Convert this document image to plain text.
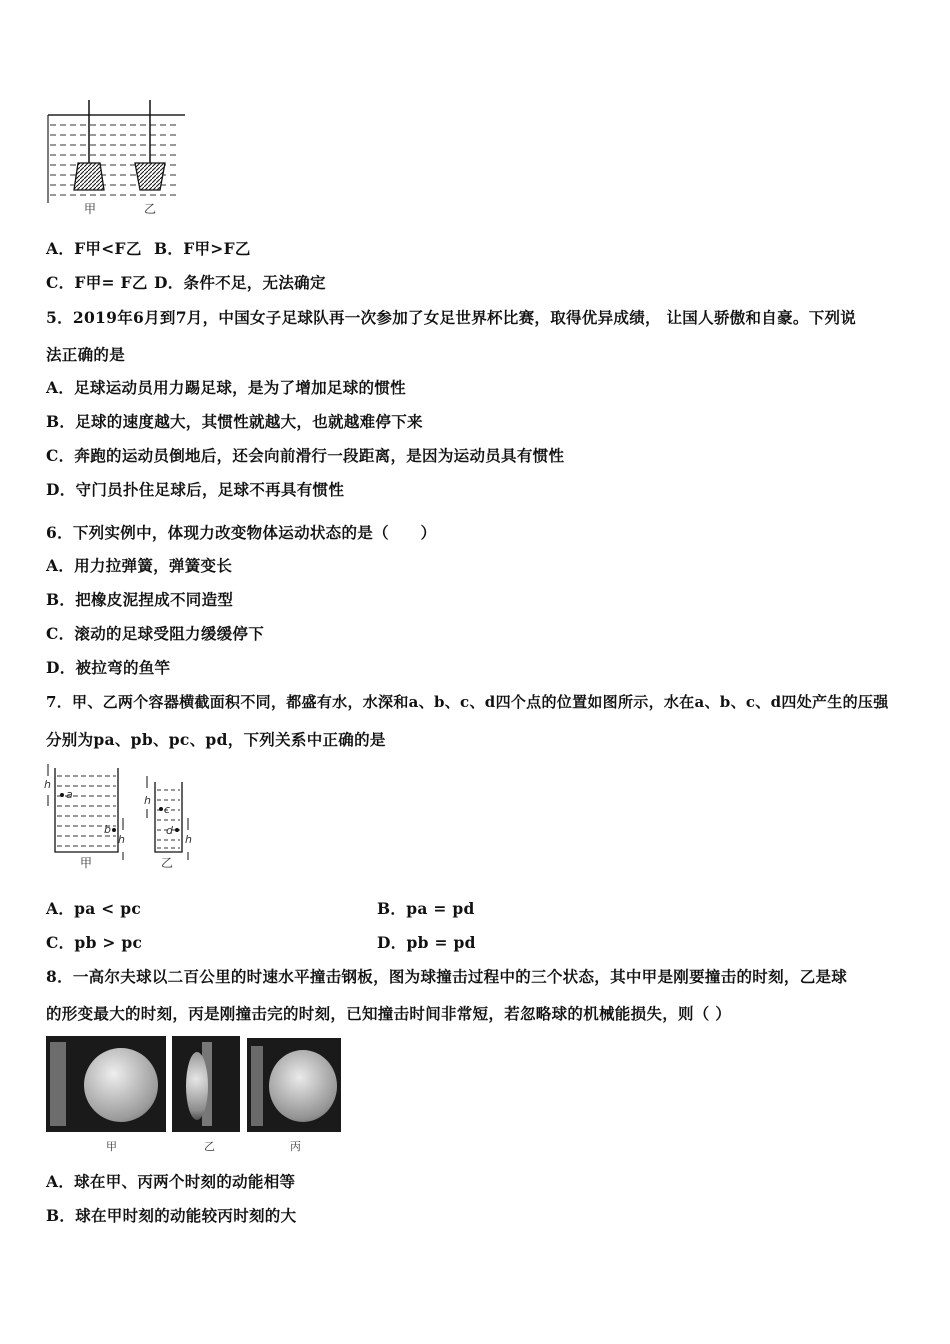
甲	乙
A．F甲<F乙 B．F甲>F乙
C．F甲= F乙 D．条件不足，无法确定
5．2019年6月到7月，中国女子足球队再一次参加了女足世界杯比赛，取得优异成绩， 让国人骄傲和自豪。下列说
法正确的是
A．足球运动员用力踢足球，是为了增加足球的惯性
B．足球的速度越大，其惯性就越大，也就越难停下来
C．奔跑的运动员倒地后，还会向前滑行一段距离，是因为运动员具有惯性
D．守门员扑住足球后，足球不再具有惯性
6．下列实例中，体现力改变物体运动状态的是（　　）
A．用力拉弹簧，弹簧变长
B．把橡皮泥捏成不同造型
C．滚动的足球受阻力缓缓停下
D．被拉弯的鱼竿
7．甲、乙两个容器横截面积不同，都盛有水，水深和a、b、c、d四个点的位置如图所示，水在a、b、c、d四处产生的压强
分别为pa、pb、pc、pd，下列关系中正确的是
h
a
b
h
h
c
d
h
甲	乙
A．pa < pc	B．pa = pd
C．pb > pc	D．pb = pd
8．一高尔夫球以二百公里的时速水平撞击钢板，图为球撞击过程中的三个状态，其中甲是刚要撞击的时刻，乙是球
的形变最大的时刻，丙是刚撞击完的时刻，已知撞击时间非常短，若忽略球的机械能损失，则（ ）
甲	乙	丙
A．球在甲、丙两个时刻的动能相等
B．球在甲时刻的动能较丙时刻的大
